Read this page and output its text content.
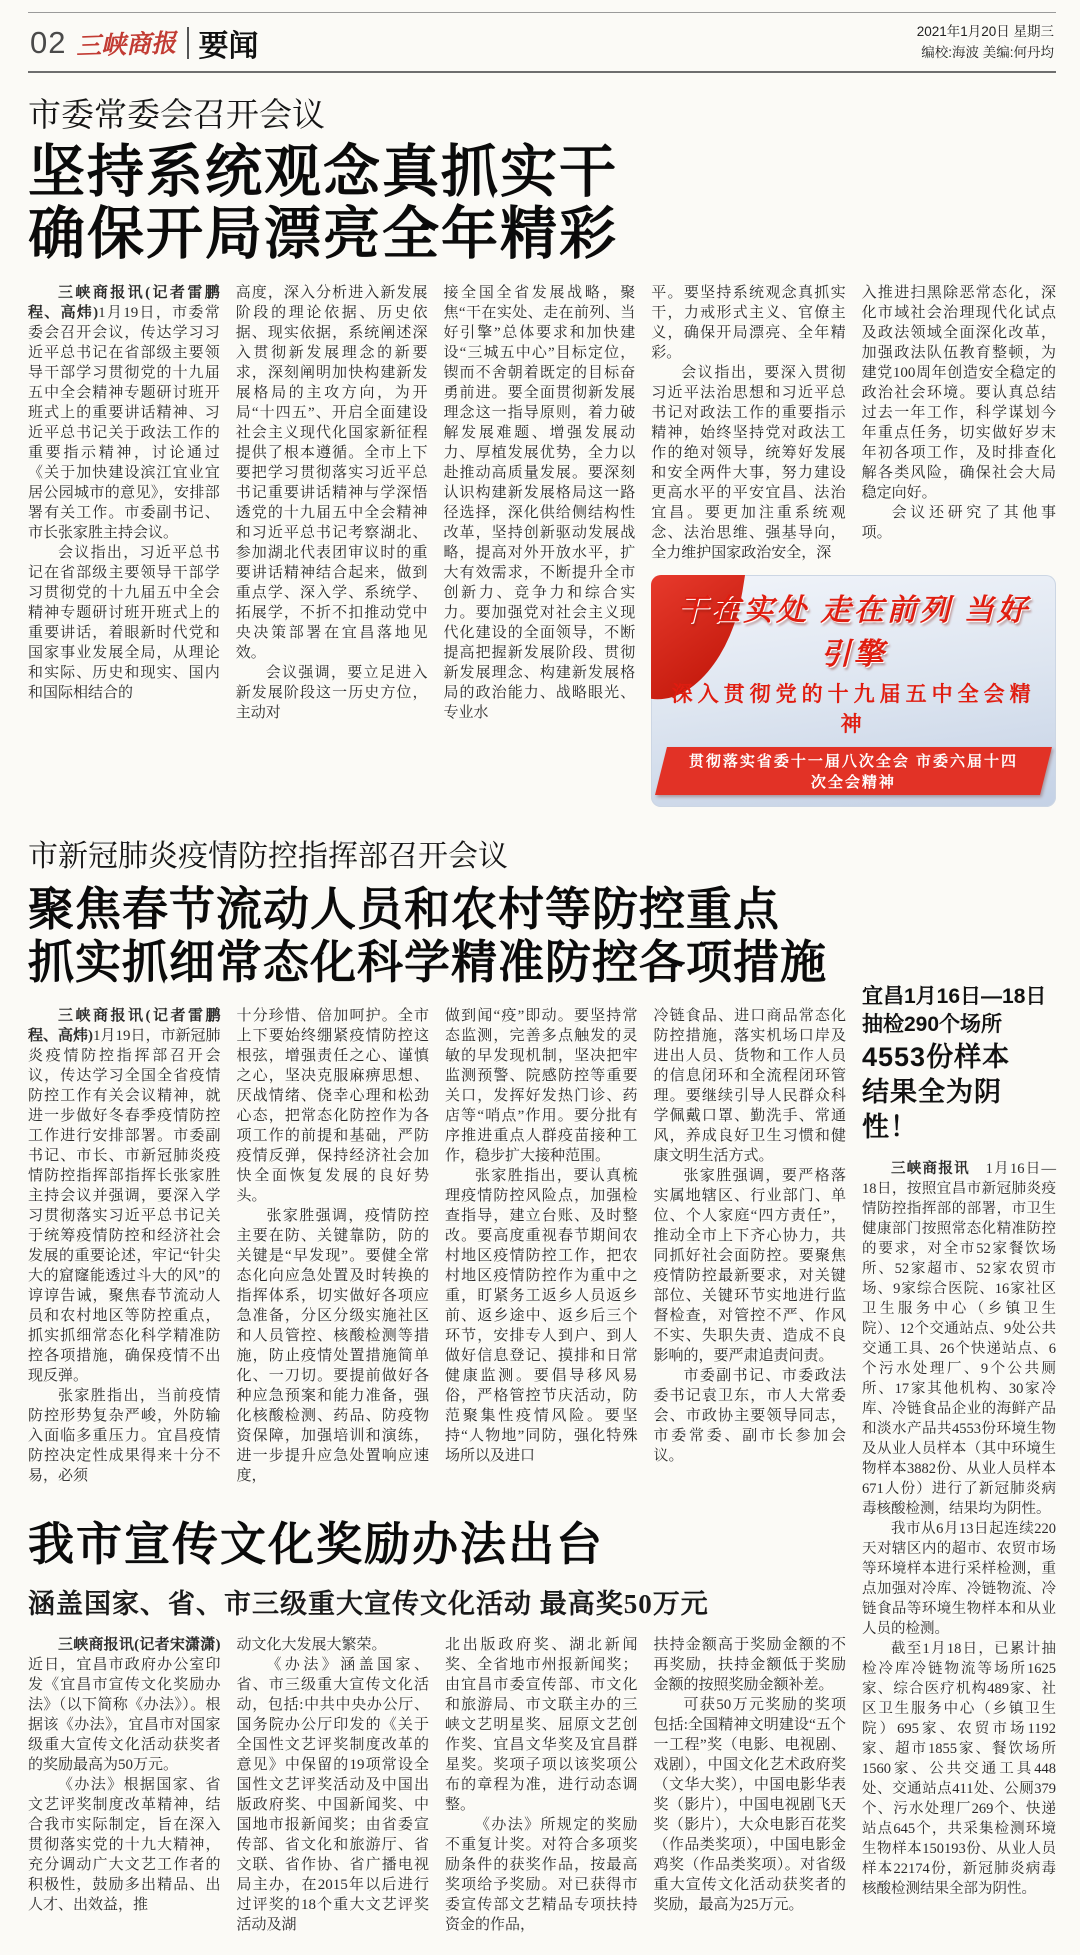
02 三峡商报 要闻	2021年1月20日 星期三
编校:海波 美编:何丹均
市委常委会召开会议
坚持系统观念真抓实干
确保开局漂亮全年精彩

三峡商报讯(记者雷鹏程、高炜)1月19日，市委常委会召开会议，传达学习习近平总书记在省部级主要领导干部学习贯彻党的十九届五中全会精神专题研讨班开班式上的重要讲话精神、习近平总书记关于政法工作的重要指示精神，讨论通过《关于加快建设滨江宜业宜居公园城市的意见》，安排部署有关工作。市委副书记、市长张家胜主持会议。

会议指出，习近平总书记在省部级主要领导干部学习贯彻党的十九届五中全会精神专题研讨班开班式上的重要讲话，着眼新时代党和国家事业发展全局，从理论和实际、历史和现实、国内和国际相结合的

高度，深入分析进入新发展阶段的理论依据、历史依据、现实依据，系统阐述深入贯彻新发展理念的新要求，深刻阐明加快构建新发展格局的主攻方向，为开局“十四五”、开启全面建设社会主义现代化国家新征程提供了根本遵循。全市上下要把学习贯彻落实习近平总书记重要讲话精神与学深悟透党的十九届五中全会精神和习近平总书记考察湖北、参加湖北代表团审议时的重要讲话精神结合起来，做到重点学、深入学、系统学、拓展学，不折不扣推动党中央决策部署在宜昌落地见效。

会议强调，要立足进入新发展阶段这一历史方位，主动对

接全国全省发展战略，聚焦“干在实处、走在前列、当好引擎”总体要求和加快建设“三城五中心”目标定位，锲而不舍朝着既定的目标奋勇前进。要全面贯彻新发展理念这一指导原则，着力破解发展难题、增强发展动力、厚植发展优势，全力以赴推动高质量发展。要深刻认识构建新发展格局这一路径选择，深化供给侧结构性改革，坚持创新驱动发展战略，提高对外开放水平，扩大有效需求，不断提升全市创新力、竞争力和综合实力。要加强党对社会主义现代化建设的全面领导，不断提高把握新发展阶段、贯彻新发展理念、构建新发展格局的政治能力、战略眼光、专业水

平。要坚持系统观念真抓实干，力戒形式主义、官僚主义，确保开局漂亮、全年精彩。

会议指出，要深入贯彻习近平法治思想和习近平总书记对政法工作的重要指示精神，始终坚持党对政法工作的绝对领导，统筹好发展和安全两件大事，努力建设更高水平的平安宜昌、法治宜昌。要更加注重系统观念、法治思维、强基导向，全力维护国家政治安全，深

入推进扫黑除恶常态化，深化市域社会治理现代化试点及政法领域全面深化改革，加强政法队伍教育整顿，为建党100周年创造安全稳定的政治社会环境。要认真总结过去一年工作，科学谋划今年重点任务，切实做好岁末年初各项工作，及时排查化解各类风险，确保社会大局稳定向好。

会议还研究了其他事项。

干在实处 走在前列 当好引擎
深入贯彻党的十九届五中全会精神
贯彻落实省委十一届八次全会 市委六届十四次全会精神
市新冠肺炎疫情防控指挥部召开会议
聚焦春节流动人员和农村等防控重点
抓实抓细常态化科学精准防控各项措施

三峡商报讯(记者雷鹏程、高炜)1月19日，市新冠肺炎疫情防控指挥部召开会议，传达学习全国全省疫情防控工作有关会议精神，就进一步做好冬春季疫情防控工作进行安排部署。市委副书记、市长、市新冠肺炎疫情防控指挥部指挥长张家胜主持会议并强调，要深入学习贯彻落实习近平总书记关于统筹疫情防控和经济社会发展的重要论述，牢记“针尖大的窟窿能透过斗大的风”的谆谆告诫，聚焦春节流动人员和农村地区等防控重点，抓实抓细常态化科学精准防控各项措施，确保疫情不出现反弹。

张家胜指出，当前疫情防控形势复杂严峻，外防输入面临多重压力。宜昌疫情防控决定性成果得来十分不易，必须

十分珍惜、倍加呵护。全市上下要始终绷紧疫情防控这根弦，增强责任之心、谨慎之心，坚决克服麻痹思想、厌战情绪、侥幸心理和松劲心态，把常态化防控作为各项工作的前提和基础，严防疫情反弹，保持经济社会加快全面恢复发展的良好势头。

张家胜强调，疫情防控主要在防、关键靠防，防的关键是“早发现”。要健全常态化向应急处置及时转换的指挥体系，切实做好各项应急准备，分区分级实施社区和人员管控、核酸检测等措施，防止疫情处置措施简单化、一刀切。要提前做好各种应急预案和能力准备，强化核酸检测、药品、防疫物资保障，加强培训和演练，进一步提升应急处置响应速度，

做到闻“疫”即动。要坚持常态监测，完善多点触发的灵敏的早发现机制，坚决把牢监测预警、院感防控等重要关口，发挥好发热门诊、药店等“哨点”作用。要分批有序推进重点人群疫苗接种工作，稳步扩大接种范围。

张家胜指出，要认真梳理疫情防控风险点，加强检查指导，建立台账、及时整改。要高度重视春节期间农村地区疫情防控工作，把农村地区疫情防控作为重中之重，盯紧务工返乡人员返乡前、返乡途中、返乡后三个环节，安排专人到户、到人做好信息登记、摸排和日常健康监测。要倡导移风易俗，严格管控节庆活动，防范聚集性疫情风险。要坚持“人物地”同防，强化特殊场所以及进口

冷链食品、进口商品常态化防控措施，落实机场口岸及进出人员、货物和工作人员的信息闭环和全流程闭环管理。要继续引导人民群众科学佩戴口罩、勤洗手、常通风，养成良好卫生习惯和健康文明生活方式。

张家胜强调，要严格落实属地辖区、行业部门、单位、个人家庭“四方责任”，推动全市上下齐心协力，共同抓好社会面防控。要聚焦疫情防控最新要求，对关键部位、关键环节实地进行监督检查，对管控不严、作风不实、失职失责、造成不良影响的，要严肃追责问责。

市委副书记、市委政法委书记袁卫东，市人大常委会、市政协主要领导同志，市委常委、副市长参加会议。

我市宣传文化奖励办法出台
涵盖国家、省、市三级重大宣传文化活动 最高奖50万元

三峡商报讯(记者宋潇潇)近日，宜昌市政府办公室印发《宜昌市宣传文化奖励办法》（以下简称《办法》）。根据该《办法》，宜昌市对国家级重大宣传文化活动获奖者的奖励最高为50万元。

《办法》根据国家、省文艺评奖制度改革精神，结合我市实际制定，旨在深入贯彻落实党的十九大精神，充分调动广大文艺工作者的积极性，鼓励多出精品、出人才、出效益，推

动文化大发展大繁荣。

《办法》涵盖国家、省、市三级重大宣传文化活动，包括:中共中央办公厅、国务院办公厅印发的《关于全国性文艺评奖制度改革的意见》中保留的19项常设全国性文艺评奖活动及中国出版政府奖、中国新闻奖、中国地市报新闻奖；由省委宣传部、省文化和旅游厅、省文联、省作协、省广播电视局主办，在2015年以后进行过评奖的18个重大文艺评奖活动及湖

北出版政府奖、湖北新闻奖、全省地市州报新闻奖；由宜昌市委宣传部、市文化和旅游局、市文联主办的三峡文艺明星奖、屈原文艺创作奖、宜昌文华奖及宜昌群星奖。奖项子项以该奖项公布的章程为准，进行动态调整。

《办法》所规定的奖励不重复计奖。对符合多项奖励条件的获奖作品，按最高奖项给予奖励。对已获得市委宣传部文艺精品专项扶持资金的作品，

扶持金额高于奖励金额的不再奖励，扶持金额低于奖励金额的按照奖励金额补差。

可获50万元奖励的奖项包括:全国精神文明建设“五个一工程”奖（电影、电视剧、戏剧），中国文化艺术政府奖（文华大奖），中国电影华表奖（影片），中国电视剧飞天奖（影片），大众电影百花奖（作品类奖项），中国电影金鸡奖（作品类奖项）。对省级重大宣传文化活动获奖者的奖励，最高为25万元。

宜昌1月16日—18日
抽检290个场所
4553份样本
结果全为阴性！

三峡商报讯　1月16日—18日，按照宜昌市新冠肺炎疫情防控指挥部的部署，市卫生健康部门按照常态化精准防控的要求，对全市52家餐饮场所、52家超市、52家农贸市场、9家综合医院、16家社区卫生服务中心（乡镇卫生院）、12个交通站点、9处公共交通工具、26个快递站点、6个污水处理厂、9个公共厕所、17家其他机构、30家冷库、冷链食品企业的海鲜产品和淡水产品共4553份环境生物及从业人员样本（其中环境生物样本3882份、从业人员样本671人份）进行了新冠肺炎病毒核酸检测，结果均为阴性。

我市从6月13日起连续220天对辖区内的超市、农贸市场等环境样本进行采样检测，重点加强对冷库、冷链物流、冷链食品等环境生物样本和从业人员的检测。

截至1月18日，已累计抽检冷库冷链物流等场所1625家、综合医疗机构489家、社区卫生服务中心（乡镇卫生院）695家、农贸市场1192家、超市1855家、餐饮场所1560家、公共交通工具448处、交通站点411处、公厕379个、污水处理厂269个、快递站点645个，共采集检测环境生物样本150193份、从业人员样本22174份，新冠肺炎病毒核酸检测结果全部为阴性。
